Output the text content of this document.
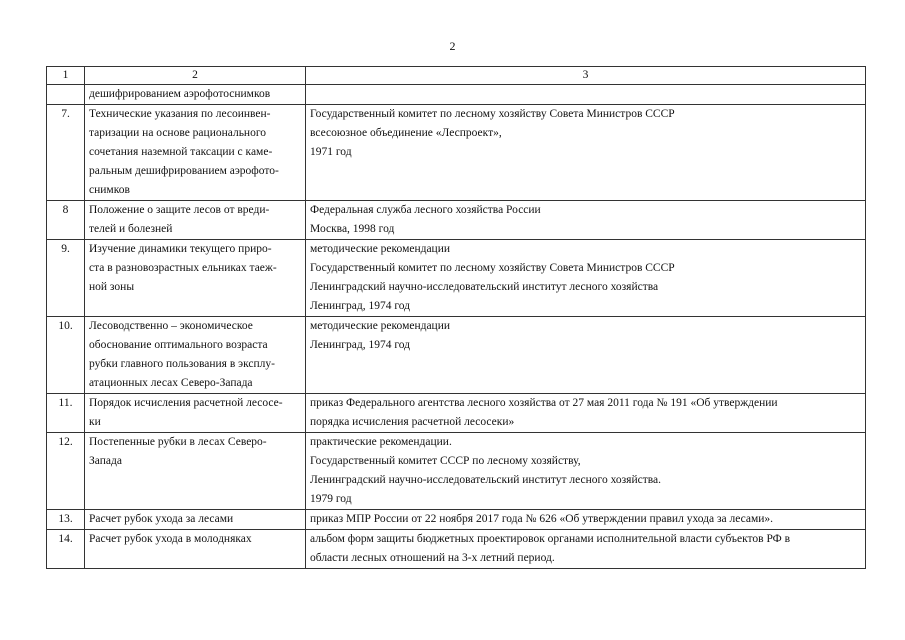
2
1	2	3

	дешифрированием аэрофотоснимков	

7.	Технические указания по лесоинвен-
таризации на основе рационального
сочетания наземной таксации с каме-
ральным дешифрированием аэрофото-
снимков	Государственный комитет по лесному хозяйству Совета Министров СССР
всесоюзное объединение «Леспроект»,
1971 год

8	Положение о защите лесов от вреди-
телей и болезней	Федеральная служба лесного хозяйства России
Москва, 1998 год

9.	Изучение динамики текущего приро-
ста в разновозрастных ельниках таеж-
ной зоны	методические рекомендации
Государственный комитет по лесному хозяйству Совета Министров СССР
Ленинградский научно-исследовательский институт лесного хозяйства
Ленинград, 1974 год

10.	Лесоводственно – экономическое
обоснование оптимального возраста
рубки главного пользования в эксплу-
атационных лесах Северо-Запада	методические рекомендации
Ленинград, 1974 год

11.	Порядок исчисления расчетной лесосе-
ки	приказ Федерального агентства лесного хозяйства от 27 мая 2011 года № 191 «Об утверждении
порядка исчисления расчетной лесосеки»

12.	Постепенные рубки в лесах Северо-
Запада	практические рекомендации.
Государственный комитет СССР по лесному хозяйству,
Ленинградский научно-исследовательский институт лесного хозяйства.
1979 год

13.	Расчет рубок ухода за лесами	приказ МПР России от 22 ноября 2017 года № 626 «Об утверждении правил ухода за лесами».

14.	Расчет рубок ухода в молодняках	альбом форм защиты бюджетных проектировок органами исполнительной власти субъектов РФ в
области лесных отношений на 3-х летний период.
